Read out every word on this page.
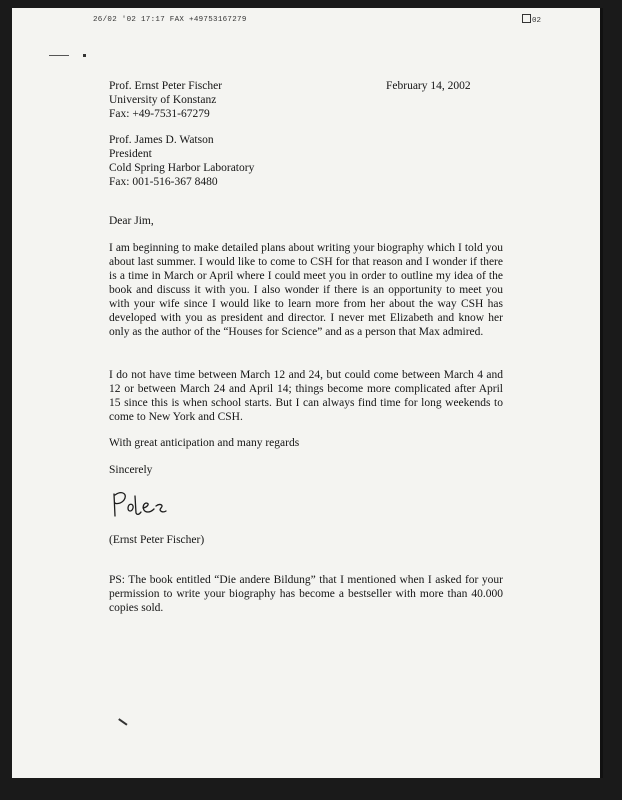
26/02 '02 17:17 FAX +49753167279	02
Prof. Ernst Peter Fischer
University of Konstanz
Fax: +49-7531-67279
February 14, 2002
Prof. James D. Watson
President
Cold Spring Harbor Laboratory
Fax: 001-516-367 8480
Dear Jim,
I am beginning to make detailed plans about writing your biography which I told you about last summer. I would like to come to CSH for that reason and I wonder if there is a time in March or April where I could meet you in order to outline my idea of the book and discuss it with you. I also wonder if there is an opportunity to meet you with your wife since I would like to learn more from her about the way CSH has developed with you as president and director. I never met Elizabeth and know her only as the author of the “Houses for Science” and as a person that Max admired.
I do not have time between March 12 and 24, but could come between March 4 and 12 or between March 24 and April 14; things become more complicated after April 15 since this is when school starts. But I can always find time for long weekends to come to New York and CSH.
With great anticipation and many regards
Sincerely
(Ernst Peter Fischer)
PS: The book entitled “Die andere Bildung” that I mentioned when I asked for your permission to write your biography has become a bestseller with more than 40.000 copies sold.
